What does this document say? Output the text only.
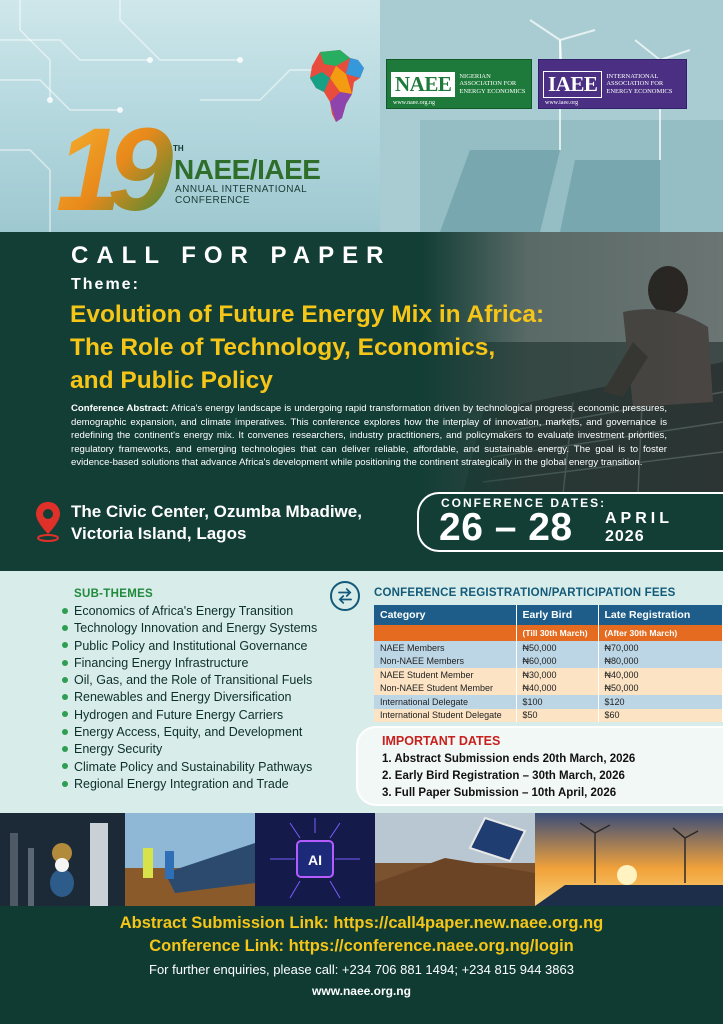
NAEE	NIGERIAN ASSOCIATION FOR ENERGY ECONOMICS
www.naee.org.ng
IAEE	INTERNATIONAL ASSOCIATION FOR ENERGY ECONOMICS
www.iaee.org
19	TH
NAEE/IAEE
ANNUAL INTERNATIONAL
CONFERENCE
CALL FOR PAPER
Theme:
Evolution of Future Energy Mix in Africa:
The Role of Technology, Economics,
and Public Policy
Conference Abstract: Africa's energy landscape is undergoing rapid transformation driven by technological progress, economic pressures, demographic expansion, and climate imperatives. This conference explores how the interplay of innovation, markets, and governance is redefining the continent's energy mix. It convenes researchers, industry practitioners, and policymakers to evaluate investment priorities, regulatory frameworks, and emerging technologies that can deliver reliable, affordable, and sustainable energy. The goal is to foster evidence-based solutions that advance Africa's development while positioning the continent strategically in the global energy transition.
The Civic Center, Ozumba Mbadiwe,
Victoria Island, Lagos
CONFERENCE DATES:
26 – 28 APRIL
2026
SUB-THEMES
Economics of Africa's Energy Transition
Technology Innovation and Energy Systems
Public Policy and Institutional Governance
Financing Energy Infrastructure
Oil, Gas, and the Role of Transitional Fuels
Renewables and Energy Diversification
Hydrogen and Future Energy Carriers
Energy Access, Equity, and Development
Energy Security
Climate Policy and Sustainability Pathways
Regional Energy Integration and Trade
CONFERENCE REGISTRATION/PARTICIPATION FEES
Category	Early Bird	Late Registration
	(Till 30th March)	(After 30th March)
NAEE Members	₦50,000	₦70,000
Non-NAEE Members	₦60,000	₦80,000
NAEE Student Member	₦30,000	₦40,000
Non-NAEE Student Member	₦40,000	₦50,000
International Delegate	$100	$120
International Student Delegate	$50	$60
IMPORTANT DATES
1. Abstract Submission ends 20th March, 2026
2. Early Bird Registration – 30th March, 2026
3. Full Paper Submission – 10th April, 2026
AI
Abstract Submission Link: https://call4paper.new.naee.org.ng
Conference Link: https://conference.naee.org.ng/login
For further enquiries, please call: +234 706 881 1494; +234 815 944 3863
www.naee.org.ng
